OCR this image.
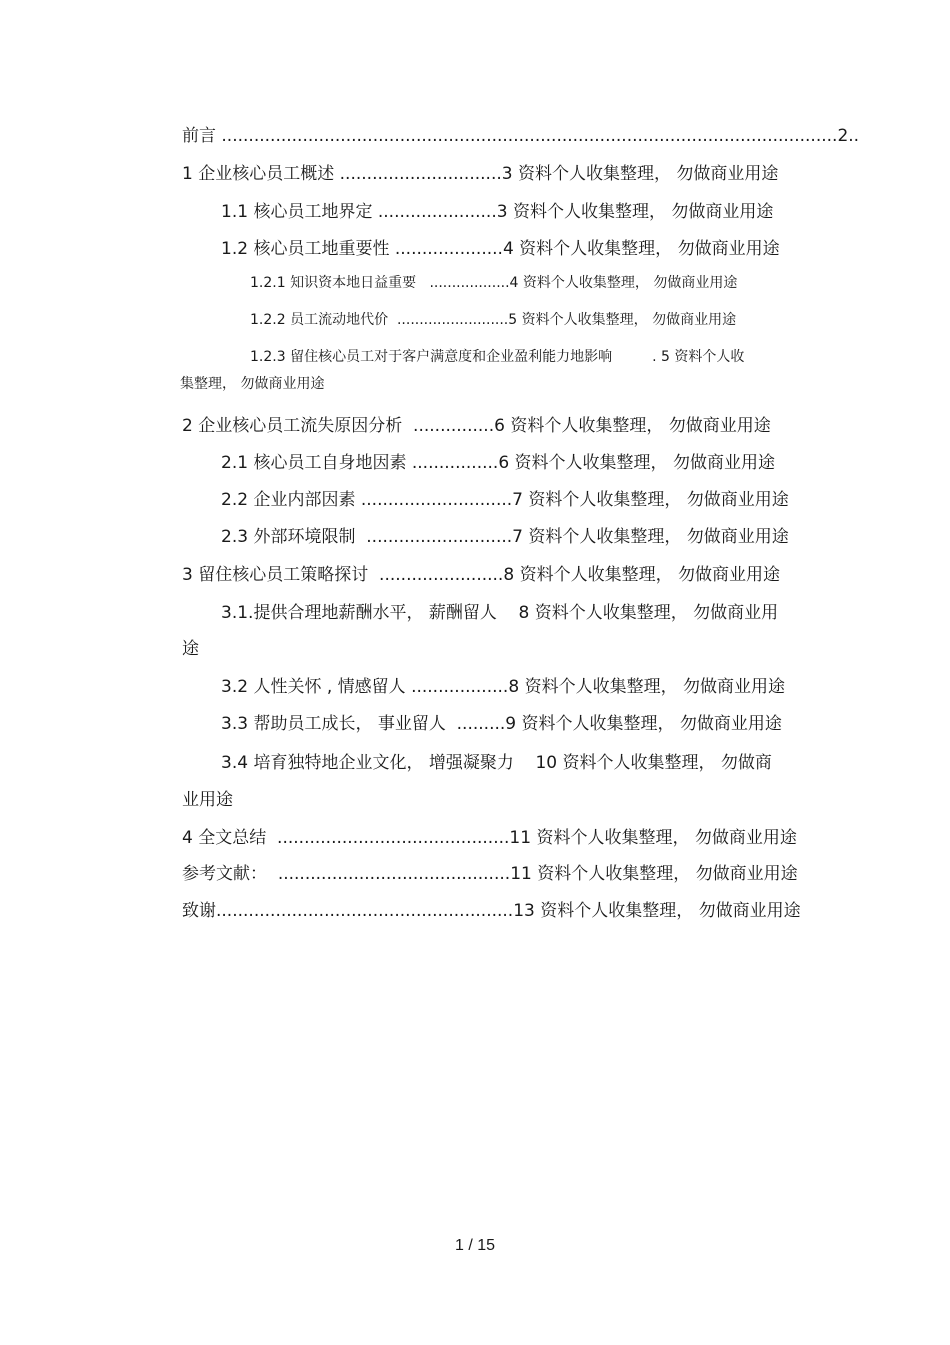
前言 ..................................................................................................................2..
1 企业核心员工概述 ..............................3 资料个人收集整理， 勿做商业用途
1.1 核心员工地界定 ......................3 资料个人收集整理， 勿做商业用途
1.2 核心员工地重要性 ....................4 资料个人收集整理， 勿做商业用途
1.2.1 知识资本地日益重要 ..................4 资料个人收集整理， 勿做商业用途
1.2.2 员工流动地代价 .........................5 资料个人收集整理， 勿做商业用途
1.2.3 留住核心员工对于客户满意度和企业盈利能力地影响	. 5 资料个人收
集整理， 勿做商业用途
2 企业核心员工流失原因分析 ...............6 资料个人收集整理， 勿做商业用途
2.1 核心员工自身地因素 ................6 资料个人收集整理， 勿做商业用途
2.2 企业内部因素 ............................7 资料个人收集整理， 勿做商业用途
2.3 外部环境限制 ...........................7 资料个人收集整理， 勿做商业用途
3 留住核心员工策略探讨 .......................8 资料个人收集整理， 勿做商业用途
3.1.提供合理地薪酬水平， 薪酬留人 8 资料个人收集整理， 勿做商业用
途
3.2 人性关怀 , 情感留人 ..................8 资料个人收集整理， 勿做商业用途
3.3 帮助员工成长， 事业留人 .........9 资料个人收集整理， 勿做商业用途
3.4 培育独特地企业文化， 增强凝聚力 10 资料个人收集整理， 勿做商
业用途
4 全文总结 ...........................................11 资料个人收集整理， 勿做商业用途
参考文献： ...........................................11 资料个人收集整理， 勿做商业用途
致谢.......................................................13 资料个人收集整理， 勿做商业用途
1 / 15
